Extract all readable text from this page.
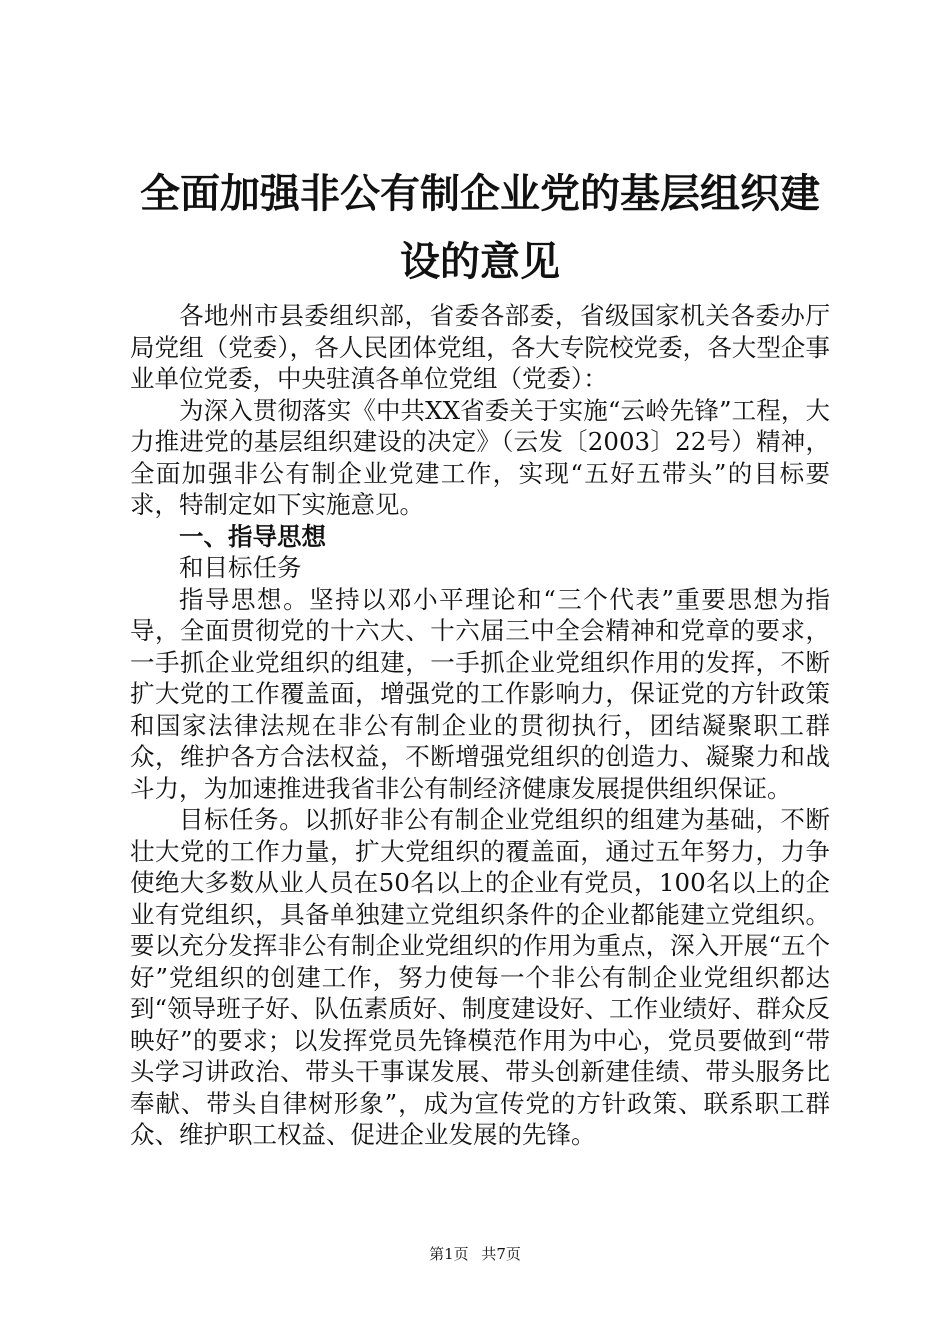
全面加强非公有制企业党的基层组织建设的意见

各地州市县委组织部，省委各部委，省级国家机关各委办厅局党组（党委），各人民团体党组，各大专院校党委，各大型企事业单位党委，中央驻滇各单位党组（党委）：

为深入贯彻落实《中共XX省委关于实施“云岭先锋”工程，大力推进党的基层组织建设的决定》（云发〔2003〕22号）精神，全面加强非公有制企业党建工作，实现“五好五带头”的目标要求，特制定如下实施意见。

一、指导思想

和目标任务

指导思想。坚持以邓小平理论和“三个代表”重要思想为指导，全面贯彻党的十六大、十六届三中全会精神和党章的要求，一手抓企业党组织的组建，一手抓企业党组织作用的发挥，不断扩大党的工作覆盖面，增强党的工作影响力，保证党的方针政策和国家法律法规在非公有制企业的贯彻执行，团结凝聚职工群众，维护各方合法权益，不断增强党组织的创造力、凝聚力和战斗力，为加速推进我省非公有制经济健康发展提供组织保证。

目标任务。以抓好非公有制企业党组织的组建为基础，不断壮大党的工作力量，扩大党组织的覆盖面，通过五年努力，力争使绝大多数从业人员在50名以上的企业有党员，100名以上的企业有党组织，具备单独建立党组织条件的企业都能建立党组织。要以充分发挥非公有制企业党组织的作用为重点，深入开展“五个好”党组织的创建工作，努力使每一个非公有制企业党组织都达到“领导班子好、队伍素质好、制度建设好、工作业绩好、群众反映好”的要求；以发挥党员先锋模范作用为中心，党员要做到“带头学习讲政治、带头干事谋发展、带头创新建佳绩、带头服务比奉献、带头自律树形象”，成为宣传党的方针政策、联系职工群众、维护职工权益、促进企业发展的先锋。

第1页 共7页
